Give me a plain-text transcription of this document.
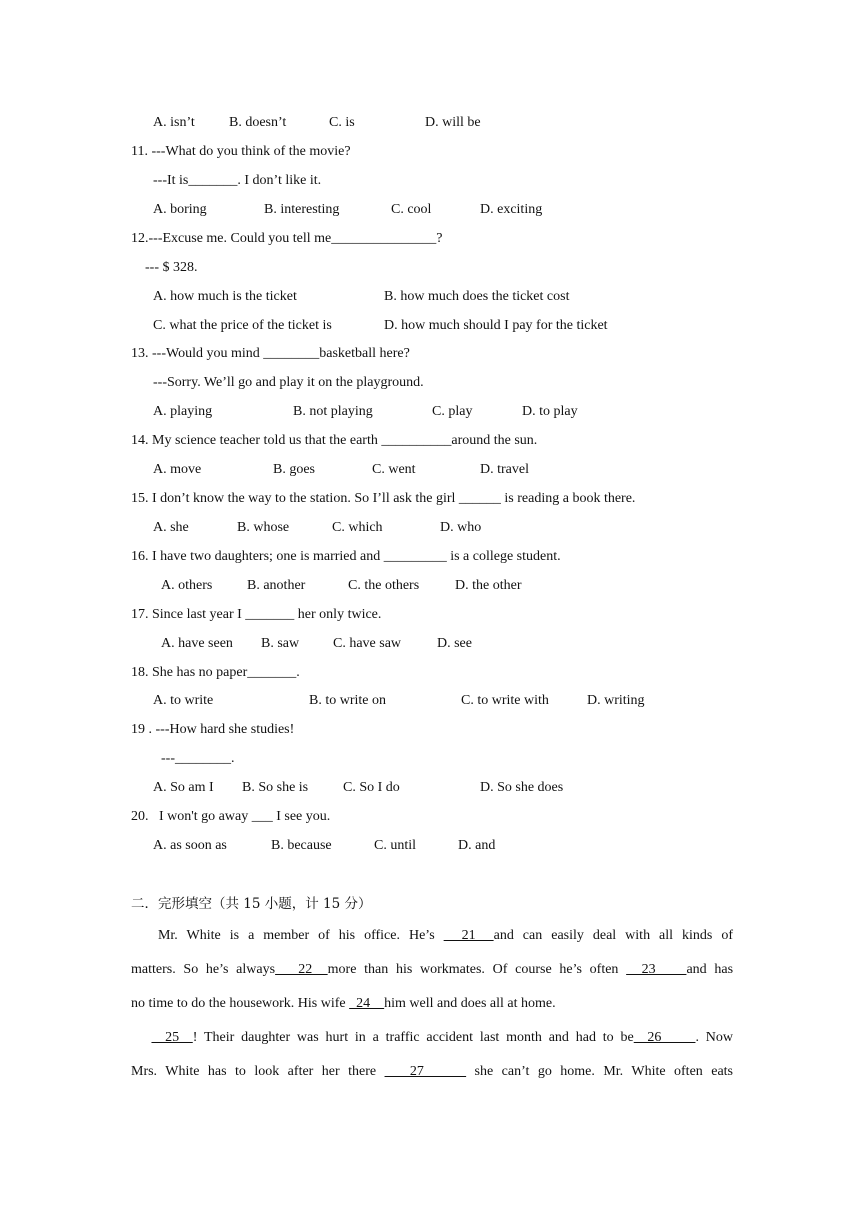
A. isn’t B. doesn’t	C. is	D. will be
11. ---What do you think of the movie?
---It is_______. I don’t like it.
A. boring	B. interesting	C. cool	D. exciting
12.---Excuse me. Could you tell me_______________?
--- $ 328.
A. how much is the ticket	B. how much does the ticket cost
C. what the price of the ticket is	D. how much should I pay for the ticket
13. ---Would you mind ________basketball here?
---Sorry. We’ll go and play it on the playground.
A. playing	B. not playing	C. play	D. to play
14. My science teacher told us that the earth __________around the sun.
A. move	B. goes	C. went	D. travel
15. I don’t know the way to the station. So I’ll ask the girl ______ is reading a book there.
A. she	B. whose	C. which	D. who
16. I have two daughters; one is married and _________ is a college student.
A. others B. another	C. the others	D. the other
17. Since last year I _______ her only twice.
A. have seen B. saw C. have saw	D. see
18. She has no paper_______.
A. to write	B. to write on	C. to write with	D. writing
19 . ---How hard she studies!
---________.
A. So am I B. So she is C. So I do	D. So she does
20.   I won't go away ___ I see you.
A. as soon as	B. because	C. until	D. and
二．完形填空（共 15 小题，计 15 分）
Mr. White is a member of his office. He’s   21  and can easily deal with all kinds of
matters. So he’s always   22  more than his workmates. Of course he’s often   23    and has
no time to do the housework. His wife   24    him well and does all at home.
25  ! Their daughter was hurt in a traffic accident last month and had to be  26     . Now
Mrs. White has to look after her there    27      she can’t go home. Mr. White often eats
